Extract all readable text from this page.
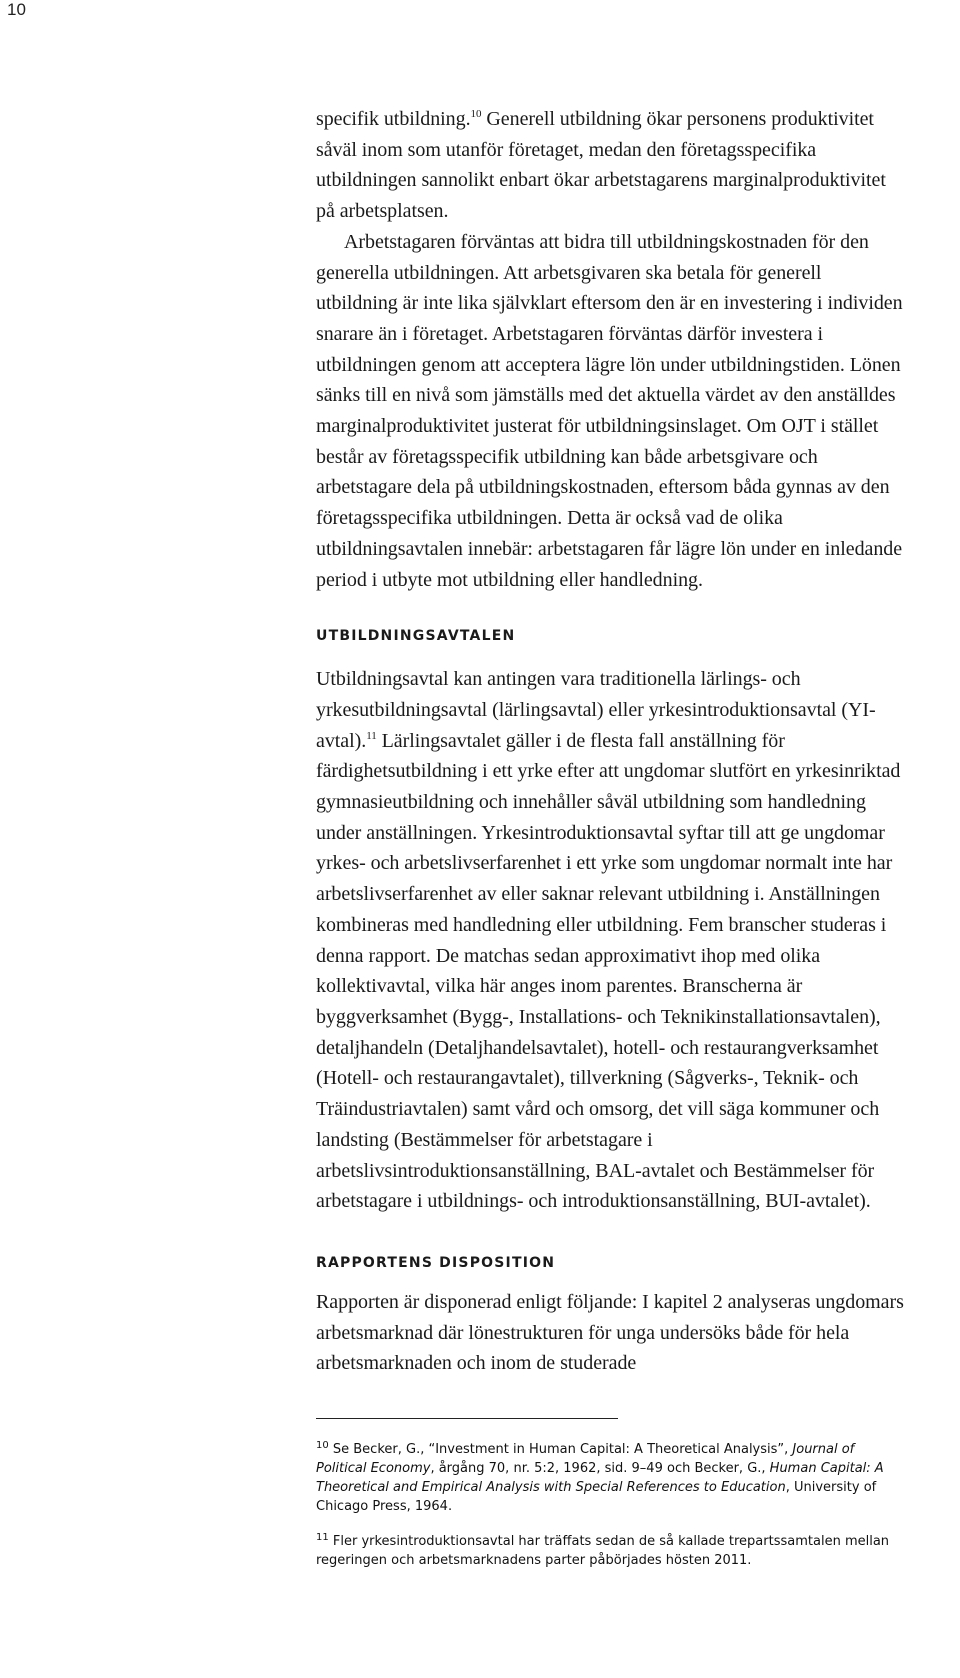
10

specifik utbildning.$^{10}$ Generell utbildning ökar personens produktivitet såväl inom som utanför företaget, medan den företagsspecifika utbildningen sannolikt enbart ökar arbetstagarens marginalproduktivitet på arbetsplatsen.

Arbetstagaren förväntas att bidra till utbildningskostnaden för den generella utbildningen. Att arbetsgivaren ska betala för generell utbildning är inte lika självklart eftersom den är en investering i individen snarare än i företaget. Arbetstagaren förväntas därför investera i utbildningen genom att acceptera lägre lön under utbildningstiden. Lönen sänks till en nivå som jämställs med det aktuella värdet av den anställdes marginalproduktivitet justerat för utbildningsinslaget. Om OJT i stället består av företagsspecifik utbildning kan både arbetsgivare och arbetstagare dela på utbildningskostnaden, eftersom båda gynnas av den företagsspecifika utbildningen. Detta är också vad de olika utbildningsavtalen innebär: arbetstagaren får lägre lön under en inledande period i utbyte mot utbildning eller handledning.

UTBILDNINGSAVTALEN

Utbildningsavtal kan antingen vara traditionella lärlings- och yrkesutbildningsavtal (lärlingsavtal) eller yrkesintroduktionsavtal (YI-avtal).$^{11}$ Lärlingsavtalet gäller i de flesta fall anställning för färdighetsutbildning i ett yrke efter att ungdomar slutfört en yrkesinriktad gymnasieutbildning och innehåller såväl utbildning som handledning under anställningen. Yrkesintroduktionsavtal syftar till att ge ungdomar yrkes- och arbetslivserfarenhet i ett yrke som ungdomar normalt inte har arbetslivserfarenhet av eller saknar relevant utbildning i. Anställningen kombineras med handledning eller utbildning. Fem branscher studeras i denna rapport. De matchas sedan approximativt ihop med olika kollektivavtal, vilka här anges inom parentes. Branscherna är byggverksamhet (Bygg-, Installations- och Teknikinstallationsavtalen), detaljhandeln (Detaljhandelsavtalet), hotell- och restaurangverksamhet (Hotell- och restaurangavtalet), tillverkning (Sågverks-, Teknik- och Träindustriavtalen) samt vård och omsorg, det vill säga kommuner och landsting (Bestämmelser för arbetstagare i arbetslivsintroduktionsanställning, BAL-avtalet och Bestämmelser för arbetstagare i utbildnings- och introduktionsanställning, BUI-avtalet).

RAPPORTENS DISPOSITION

Rapporten är disponerad enligt följande: I kapitel 2 analyseras ungdomars arbetsmarknad där lönestrukturen för unga undersöks både för hela arbetsmarknaden och inom de studerade

$^{10}$ Se Becker, G., “Investment in Human Capital: A Theoretical Analysis”, Journal of Political Economy, årgång 70, nr. 5:2, 1962, sid. 9–49 och Becker, G., Human Capital: A Theoretical and Empirical Analysis with Special References to Education, University of Chicago Press, 1964.

$^{11}$ Fler yrkesintroduktionsavtal har träffats sedan de så kallade trepartssamtalen mellan regeringen och arbetsmarknadens parter påbörjades hösten 2011.
